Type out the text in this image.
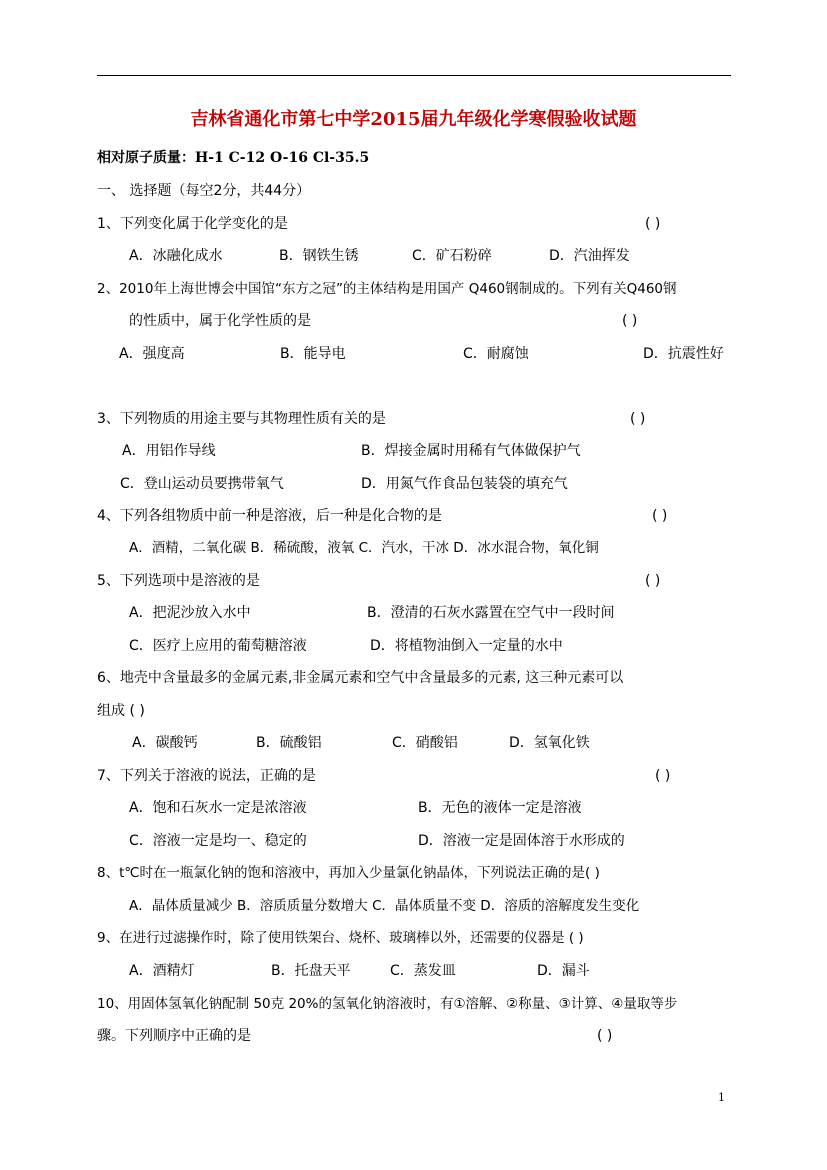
吉林省通化市第七中学2015届九年级化学寒假验收试题
相对原子质量：H-1 C-12 O-16 Cl-35.5
一、 选择题（每空2分，共44分）
1、下列变化属于化学变化的是	( )
A．冰融化成水	B．钢铁生锈	C．矿石粉碎	D．汽油挥发
2、2010年上海世博会中国馆“东方之冠”的主体结构是用国产 Q460钢制成的。下列有关Q460钢
的性质中，属于化学性质的是	( )
A．强度高	B．能导电	C．耐腐蚀	D．抗震性好
3、下列物质的用途主要与其物理性质有关的是	( )
A．用铝作导线	B．焊接金属时用稀有气体做保护气
C．登山运动员要携带氧气	D．用氮气作食品包装袋的填充气
4、下列各组物质中前一种是溶液，后一种是化合物的是	( )
A．酒精，二氧化碳 B．稀硫酸，液氧 C．汽水，干冰 D．冰水混合物，氧化铜
5、下列选项中是溶液的是	( )
A．把泥沙放入水中	B．澄清的石灰水露置在空气中一段时间
C．医疗上应用的葡萄糖溶液	D．将植物油倒入一定量的水中
6、地壳中含量最多的金属元素,非金属元素和空气中含量最多的元素, 这三种元素可以
组成 ( )
A．碳酸钙	B．硫酸铝	C．硝酸铝	D．氢氧化铁
7、下列关于溶液的说法，正确的是	( )
A．饱和石灰水一定是浓溶液	B．无色的液体一定是溶液
C．溶液一定是均一、稳定的	D．溶液一定是固体溶于水形成的
8、t℃时在一瓶氯化钠的饱和溶液中，再加入少量氯化钠晶体，下列说法正确的是( )
A．晶体质量减少 B．溶质质量分数增大 C．晶体质量不变 D．溶质的溶解度发生变化
9、在进行过滤操作时，除了使用铁架台、烧杯、玻璃棒以外，还需要的仪器是 ( )
A．酒精灯	B．托盘天平	C．蒸发皿	D．漏斗
10、用固体氢氧化钠配制 50克 20%的氢氧化钠溶液时，有①溶解、②称量、③计算、④量取等步
骤。下列顺序中正确的是	( )
1
